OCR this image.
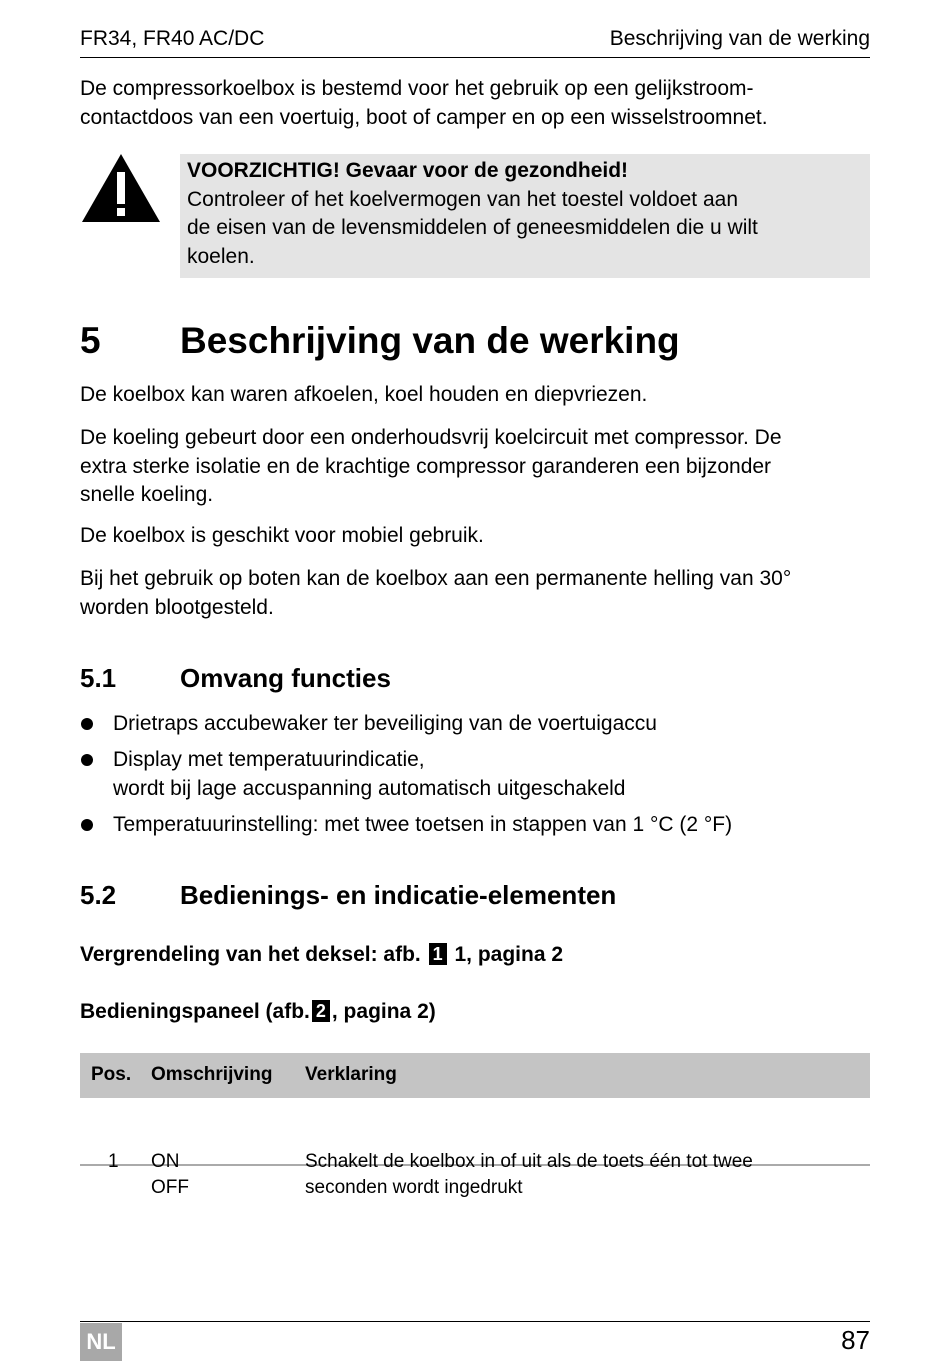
FR34, FR40 AC/DC	Beschrijving van de werking
De compressorkoelbox is bestemd voor het gebruik op een gelijkstroom-
contactdoos van een voertuig, boot of camper en op een wisselstroomnet.
VOORZICHTIG! Gevaar voor de gezondheid!
Controleer of het koelvermogen van het toestel voldoet aan
de eisen van de levensmiddelen of geneesmiddelen die u wilt
koelen.
5 Beschrijving van de werking
De koelbox kan waren afkoelen, koel houden en diepvriezen.
De koeling gebeurt door een onderhoudsvrij koelcircuit met compressor. De
extra sterke isolatie en de krachtige compressor garanderen een bijzonder
snelle koeling.
De koelbox is geschikt voor mobiel gebruik.
Bij het gebruik op boten kan de koelbox aan een permanente helling van 30°
worden blootgesteld.
5.1 Omvang functies
Drietraps accubewaker ter beveiliging van de voertuigaccu
Display met temperatuurindicatie,
wordt bij lage accuspanning automatisch uitgeschakeld
Temperatuurinstelling: met twee toetsen in stappen van 1 °C (2 °F)
5.2 Bedienings- en indicatie-elementen
Vergrendeling van het deksel: afb. 1 1, pagina 2
Bedieningspaneel (afb. 2 , pagina 2)
Pos. Omschrijving Verklaring
1 ON
OFF
Schakelt de koelbox in of uit als de toets één tot twee
seconden wordt ingedrukt
NL	87
